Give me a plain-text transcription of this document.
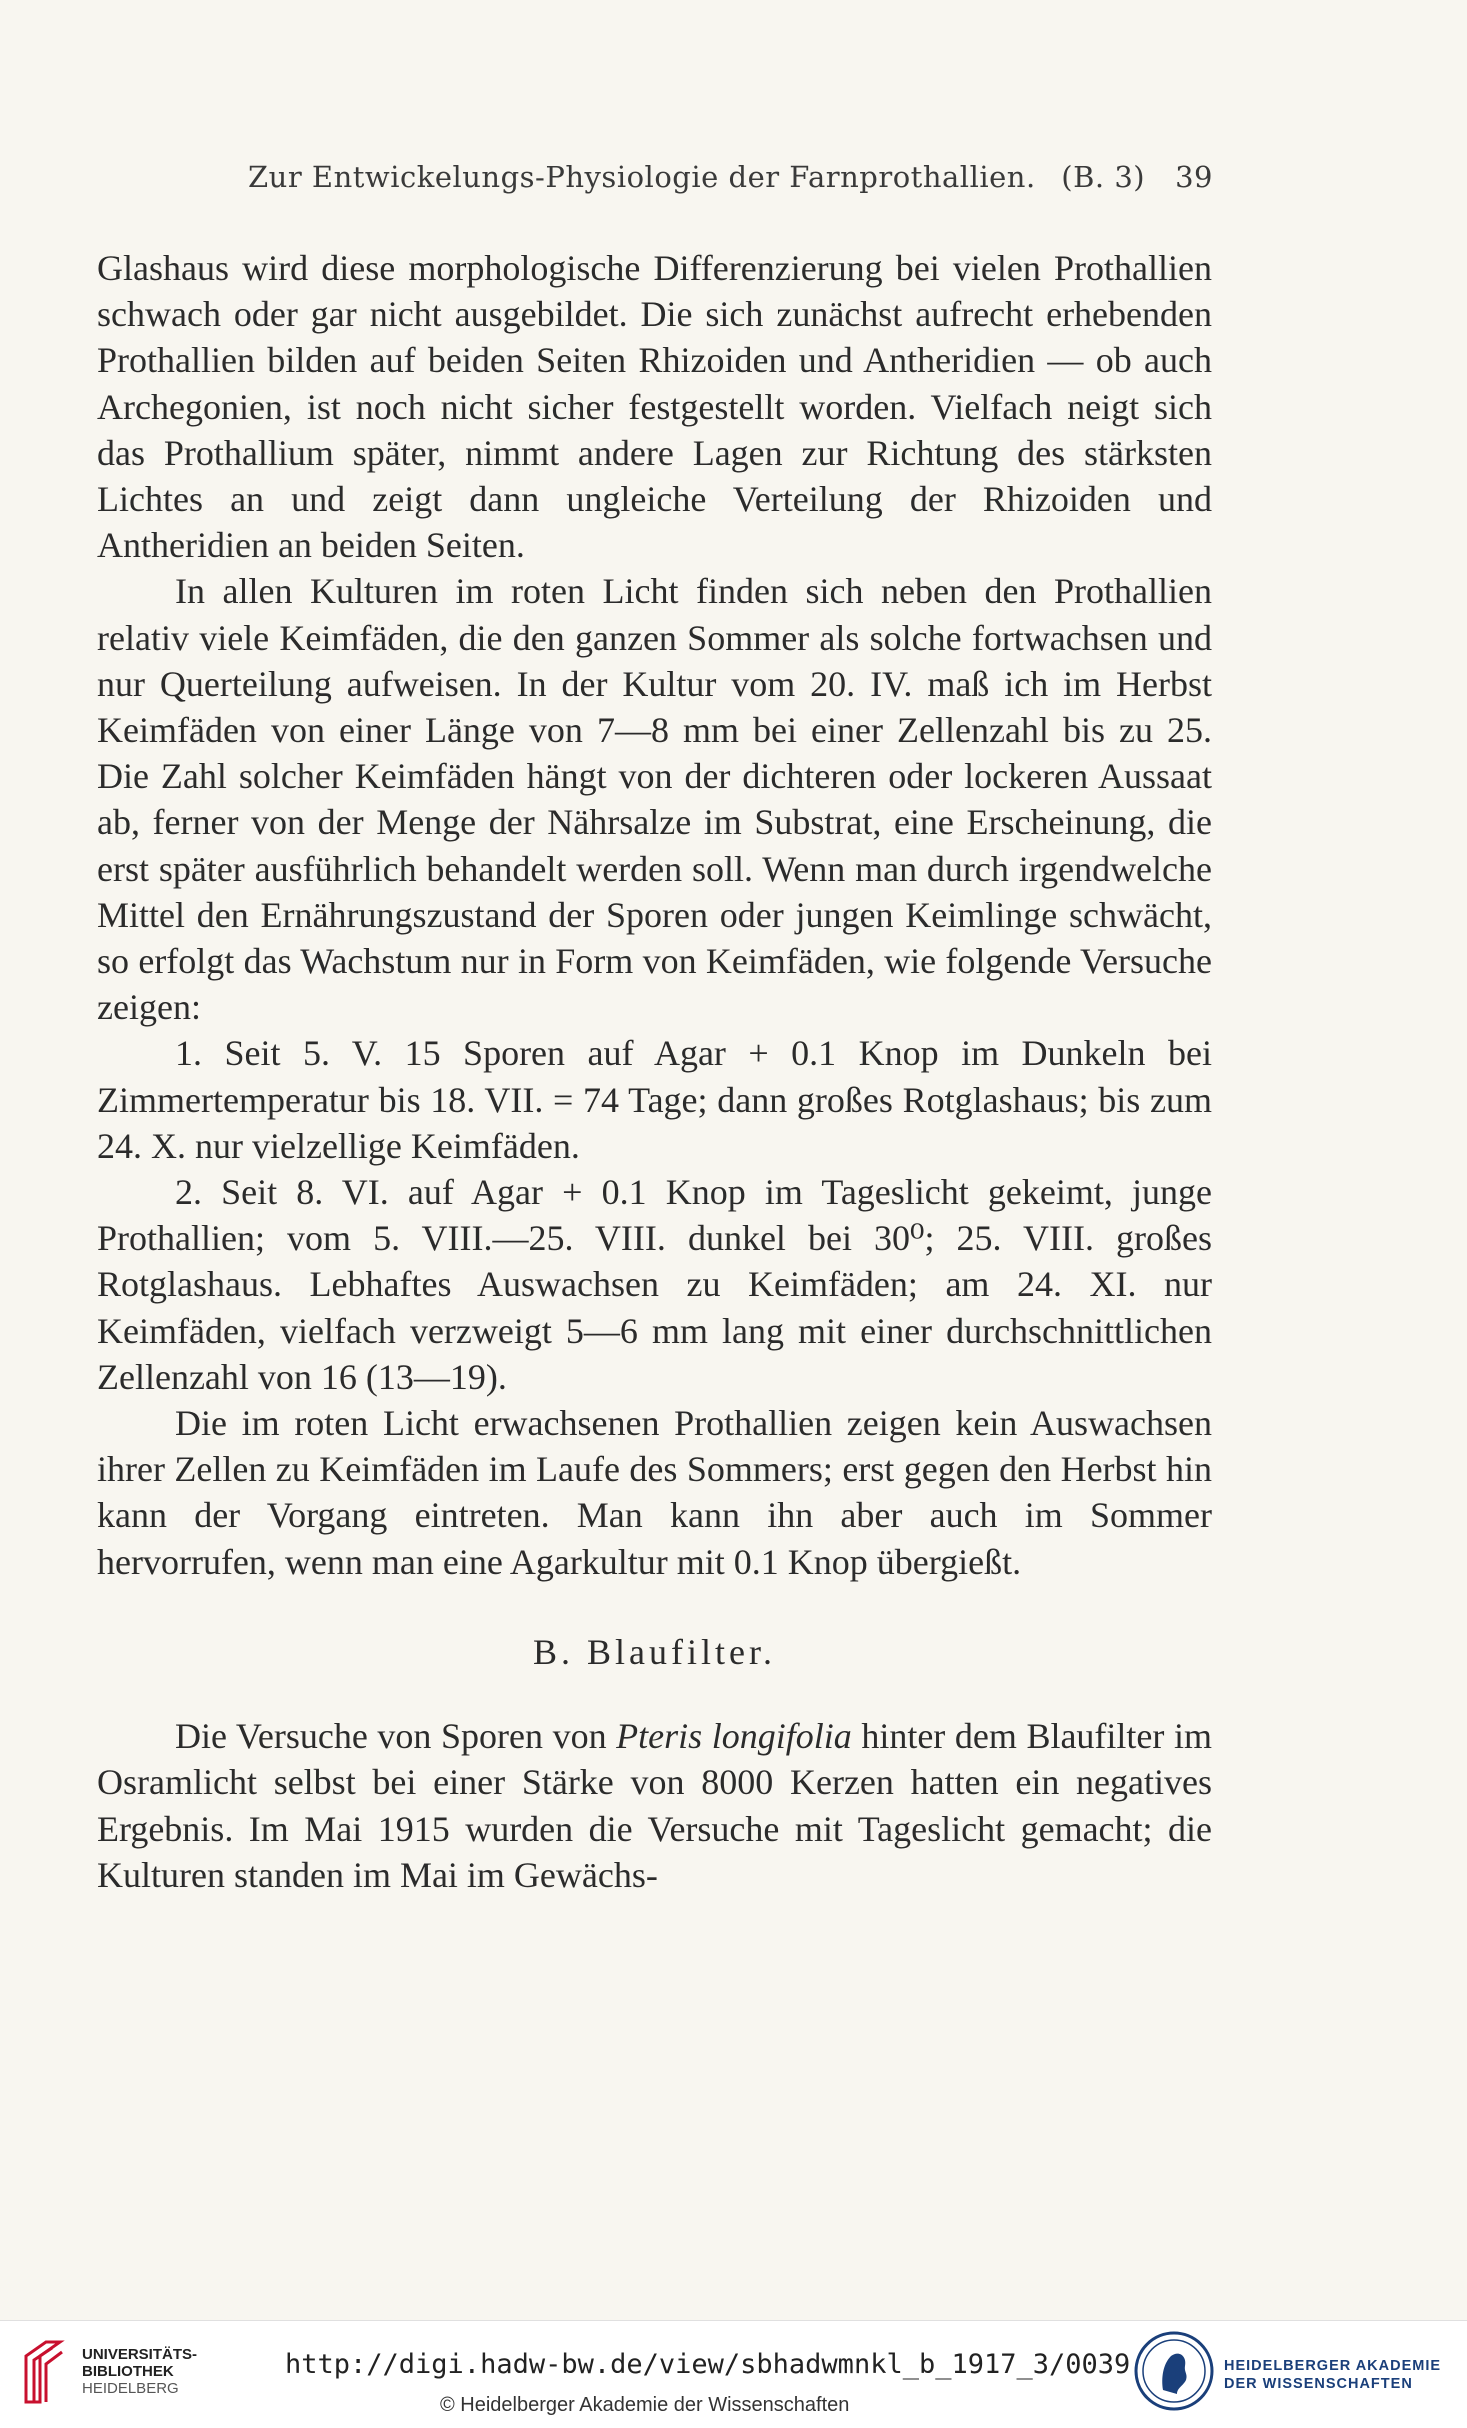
Zur Entwickelungs-Physiologie der Farnprothallien. (B. 3) 39

Glashaus wird diese morphologische Differenzierung bei vielen Prothallien schwach oder gar nicht ausgebildet. Die sich zunächst aufrecht erhebenden Prothallien bilden auf beiden Seiten Rhizoiden und Antheridien — ob auch Archegonien, ist noch nicht sicher festgestellt worden. Vielfach neigt sich das Prothallium später, nimmt andere Lagen zur Richtung des stärksten Lichtes an und zeigt dann ungleiche Verteilung der Rhizoiden und Antheridien an beiden Seiten.

In allen Kulturen im roten Licht finden sich neben den Prothallien relativ viele Keimfäden, die den ganzen Sommer als solche fortwachsen und nur Querteilung aufweisen. In der Kultur vom 20. IV. maß ich im Herbst Keimfäden von einer Länge von 7—8 mm bei einer Zellenzahl bis zu 25. Die Zahl solcher Keimfäden hängt von der dichteren oder lockeren Aussaat ab, ferner von der Menge der Nährsalze im Substrat, eine Erscheinung, die erst später ausführlich behandelt werden soll. Wenn man durch irgendwelche Mittel den Ernährungszustand der Sporen oder jungen Keimlinge schwächt, so erfolgt das Wachstum nur in Form von Keimfäden, wie folgende Versuche zeigen:

1. Seit 5. V. 15 Sporen auf Agar + 0.1 Knop im Dunkeln bei Zimmertemperatur bis 18. VII. = 74 Tage; dann großes Rotglashaus; bis zum 24. X. nur vielzellige Keimfäden.

2. Seit 8. VI. auf Agar + 0.1 Knop im Tageslicht gekeimt, junge Prothallien; vom 5. VIII.—25. VIII. dunkel bei 30⁰; 25. VIII. großes Rotglashaus. Lebhaftes Auswachsen zu Keimfäden; am 24. XI. nur Keimfäden, vielfach verzweigt 5—6 mm lang mit einer durchschnittlichen Zellenzahl von 16 (13—19).

Die im roten Licht erwachsenen Prothallien zeigen kein Auswachsen ihrer Zellen zu Keimfäden im Laufe des Sommers; erst gegen den Herbst hin kann der Vorgang eintreten. Man kann ihn aber auch im Sommer hervorrufen, wenn man eine Agarkultur mit 0.1 Knop übergießt.

B. Blaufilter.

Die Versuche von Sporen von Pteris longifolia hinter dem Blaufilter im Osramlicht selbst bei einer Stärke von 8000 Kerzen hatten ein negatives Ergebnis. Im Mai 1915 wurden die Versuche mit Tageslicht gemacht; die Kulturen standen im Mai im Gewächs-

UNIVERSITÄTS-
BIBLIOTHEK
HEIDELBERG
http://digi.hadw-bw.de/view/sbhadwmnkl_b_1917_3/0039
© Heidelberger Akademie der Wissenschaften
HEIDELBERGER AKADEMIE
DER WISSENSCHAFTEN
